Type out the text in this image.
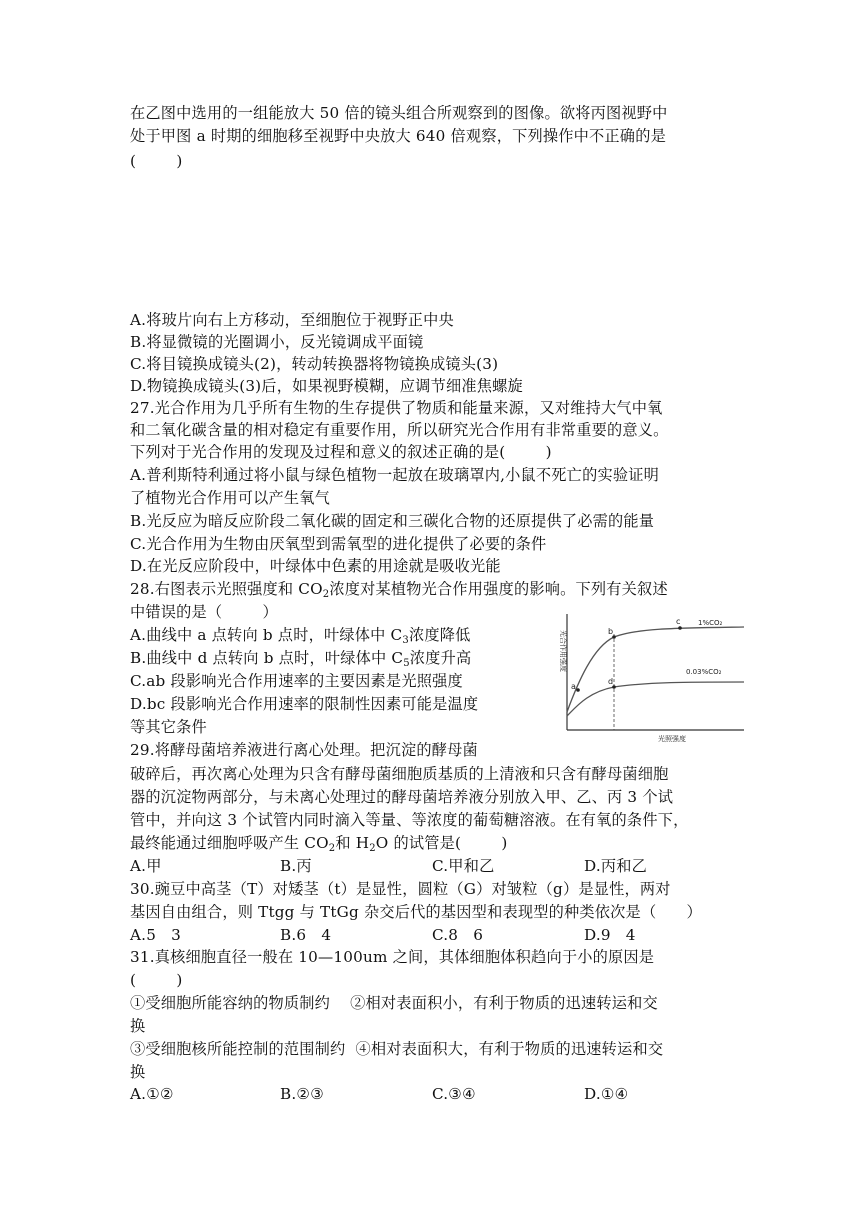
在乙图中选用的一组能放大 50 倍的镜头组合所观察到的图像。欲将丙图视野中
处于甲图 a 时期的细胞移至视野中央放大 640 倍观察，下列操作中不正确的是
(        )
A.将玻片向右上方移动，至细胞位于视野正中央
B.将显微镜的光圈调小，反光镜调成平面镜
C.将目镜换成镜头(2)，转动转换器将物镜换成镜头(3)
D.物镜换成镜头(3)后，如果视野模糊，应调节细准焦螺旋
27.光合作用为几乎所有生物的生存提供了物质和能量来源，又对维持大气中氧
和二氧化碳含量的相对稳定有重要作用，所以研究光合作用有非常重要的意义。
下列对于光合作用的发现及过程和意义的叙述正确的是(        )
A.普利斯特利通过将小鼠与绿色植物一起放在玻璃罩内,小鼠不死亡的实验证明
了植物光合作用可以产生氧气
B.光反应为暗反应阶段二氧化碳的固定和三碳化合物的还原提供了必需的能量
C.光合作用为生物由厌氧型到需氧型的进化提供了必要的条件
D.在光反应阶段中，叶绿体中色素的用途就是吸收光能
28.右图表示光照强度和 $CO_2$浓度对某植物光合作用强度的影响。下列有关叙述
中错误的是（        ）
A.曲线中 a 点转向 b 点时，叶绿体中 $C_3$浓度降低
B.曲线中 d 点转向 b 点时，叶绿体中 $C_5$浓度升高
C.ab 段影响光合作用速率的主要因素是光照强度
D.bc 段影响光合作用速率的限制性因素可能是温度
等其它条件
a
b
c
d
1%CO₂
0.03%CO₂
光合作用强度
光照强度
29.将酵母菌培养液进行离心处理。把沉淀的酵母菌
破碎后，再次离心处理为只含有酵母菌细胞质基质的上清液和只含有酵母菌细胞
器的沉淀物两部分，与未离心处理过的酵母菌培养液分别放入甲、乙、丙 3 个试
管中，并向这 3 个试管内同时滴入等量、等浓度的葡萄糖溶液。在有氧的条件下，
最终能通过细胞呼吸产生 $CO_2$和 $H_2O$ 的试管是(        )
A.甲	B.丙	C.甲和乙	D.丙和乙
30.豌豆中高茎（T）对矮茎（t）是显性，圆粒（G）对皱粒（g）是显性，两对
基因自由组合，则 Ttgg 与 TtGg 杂交后代的基因型和表现型的种类依次是（      ）
A.5   3	B.6   4	C.8   6	D.9   4
31.真核细胞直径一般在 10—100um 之间，其体细胞体积趋向于小的原因是
(        )
①受细胞所能容纳的物质制约    ②相对表面积小，有利于物质的迅速转运和交
换
③受细胞核所能控制的范围制约  ④相对表面积大，有利于物质的迅速转运和交
换
A.①②	B.②③	C.③④	D.①④
